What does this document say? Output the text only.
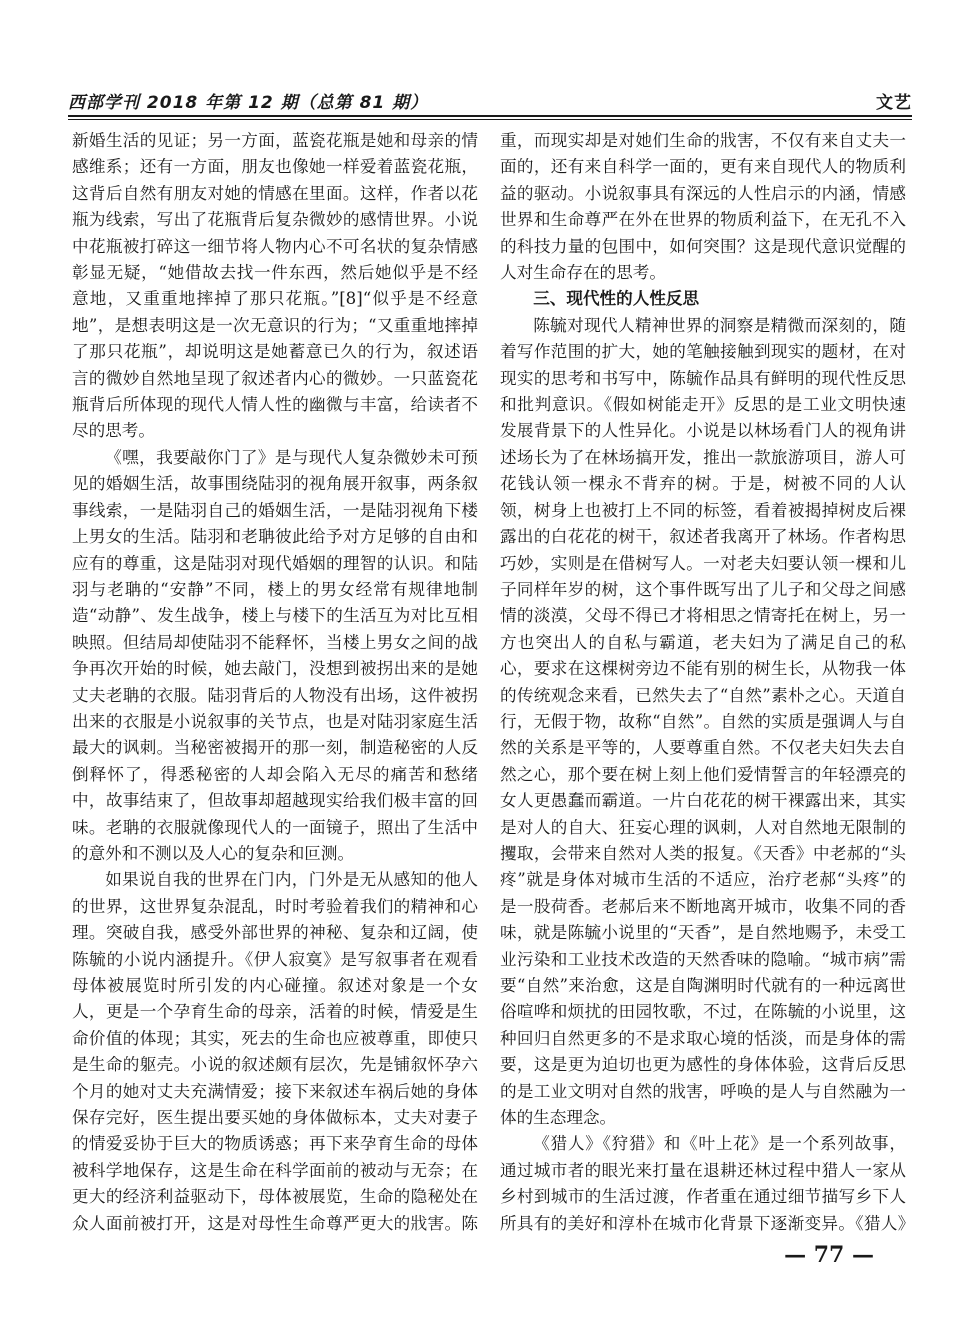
西部学刊 2018 年第 12 期（总第 81 期）	文艺

新婚生活的见证；另一方面，蓝瓷花瓶是她和母亲的情感维系；还有一方面，朋友也像她一样爱着蓝瓷花瓶，这背后自然有朋友对她的情感在里面。这样，作者以花瓶为线索，写出了花瓶背后复杂微妙的感情世界。小说中花瓶被打碎这一细节将人物内心不可名状的复杂情感彰显无疑，“她借故去找一件东西，然后她似乎是不经意地，又重重地摔掉了那只花瓶。”[8]“似乎是不经意地”，是想表明这是一次无意识的行为；“又重重地摔掉了那只花瓶”，却说明这是她蓄意已久的行为，叙述语言的微妙自然地呈现了叙述者内心的微妙。一只蓝瓷花瓶背后所体现的现代人情人性的幽微与丰富，给读者不尽的思考。

《嘿，我要敲你门了》是与现代人复杂微妙未可预见的婚姻生活，故事围绕陆羽的视角展开叙事，两条叙事线索，一是陆羽自己的婚姻生活，一是陆羽视角下楼上男女的生活。陆羽和老聃彼此给予对方足够的自由和应有的尊重，这是陆羽对现代婚姻的理智的认识。和陆羽与老聃的“安静”不同，楼上的男女经常有规律地制造“动静”、发生战争，楼上与楼下的生活互为对比互相映照。但结局却使陆羽不能释怀，当楼上男女之间的战争再次开始的时候，她去敲门，没想到被拐出来的是她丈夫老聃的衣服。陆羽背后的人物没有出场，这件被拐出来的衣服是小说叙事的关节点，也是对陆羽家庭生活最大的讽刺。当秘密被揭开的那一刻，制造秘密的人反倒释怀了，得悉秘密的人却会陷入无尽的痛苦和愁绪中，故事结束了，但故事却超越现实给我们极丰富的回味。老聃的衣服就像现代人的一面镜子，照出了生活中的意外和不测以及人心的复杂和叵测。

如果说自我的世界在门内，门外是无从感知的他人的世界，这世界复杂混乱，时时考验着我们的精神和心理。突破自我，感受外部世界的神秘、复杂和辽阔，使陈毓的小说内涵提升。《伊人寂寞》是写叙事者在观看母体被展览时所引发的内心碰撞。叙述对象是一个女人，更是一个孕育生命的母亲，活着的时候，情爱是生命价值的体现；其实，死去的生命也应被尊重，即使只是生命的躯壳。小说的叙述颇有层次，先是铺叙怀孕六个月的她对丈夫充满情爱；接下来叙述车祸后她的身体保存完好，医生提出要买她的身体做标本，丈夫对妻子的情爱妥协于巨大的物质诱惑；再下来孕育生命的母体被科学地保存，这是生命在科学面前的被动与无奈；在更大的经济利益驱动下，母体被展览，生命的隐秘处在众人面前被打开，这是对母性生命尊严更大的戕害。陈

重，而现实却是对她们生命的戕害，不仅有来自丈夫一面的，还有来自科学一面的，更有来自现代人的物质利益的驱动。小说叙事具有深远的人性启示的内涵，情感世界和生命尊严在外在世界的物质利益下，在无孔不入的科技力量的包围中，如何突围？这是现代意识觉醒的人对生命存在的思考。

三、现代性的人性反思

陈毓对现代人精神世界的洞察是精微而深刻的，随着写作范围的扩大，她的笔触接触到现实的题材，在对现实的思考和书写中，陈毓作品具有鲜明的现代性反思和批判意识。《假如树能走开》反思的是工业文明快速发展背景下的人性异化。小说是以林场看门人的视角讲述场长为了在林场搞开发，推出一款旅游项目，游人可花钱认领一棵永不背弃的树。于是，树被不同的人认领，树身上也被打上不同的标签，看着被揭掉树皮后裸露出的白花花的树干，叙述者我离开了林场。作者构思巧妙，实则是在借树写人。一对老夫妇要认领一棵和儿子同样年岁的树，这个事件既写出了儿子和父母之间感情的淡漠，父母不得已才将相思之情寄托在树上，另一方也突出人的自私与霸道，老夫妇为了满足自己的私心，要求在这棵树旁边不能有别的树生长，从物我一体的传统观念来看，已然失去了“自然”素朴之心。天道自行，无假于物，故称“自然”。自然的实质是强调人与自然的关系是平等的，人要尊重自然。不仅老夫妇失去自然之心，那个要在树上刻上他们爱情誓言的年轻漂亮的女人更愚蠢而霸道。一片白花花的树干裸露出来，其实是对人的自大、狂妄心理的讽刺，人对自然地无限制的攫取，会带来自然对人类的报复。《天香》中老郝的“头疼”就是身体对城市生活的不适应，治疗老郝“头疼”的是一股荷香。老郝后来不断地离开城市，收集不同的香味，就是陈毓小说里的“天香”，是自然地赐予，未受工业污染和工业技术改造的天然香味的隐喻。“城市病”需要“自然”来治愈，这是自陶渊明时代就有的一种远离世俗喧哗和烦扰的田园牧歌，不过，在陈毓的小说里，这种回归自然更多的不是求取心境的恬淡，而是身体的需要，这是更为迫切也更为感性的身体体验，这背后反思的是工业文明对自然的戕害，呼唤的是人与自然融为一体的生态理念。

《猎人》《狩猎》和《叶上花》是一个系列故事，通过城市者的眼光来打量在退耕还林过程中猎人一家从乡村到城市的生活过渡，作者重在通过细节描写乡下人所具有的美好和淳朴在城市化背景下逐渐变异。《猎人》

— 77 —
